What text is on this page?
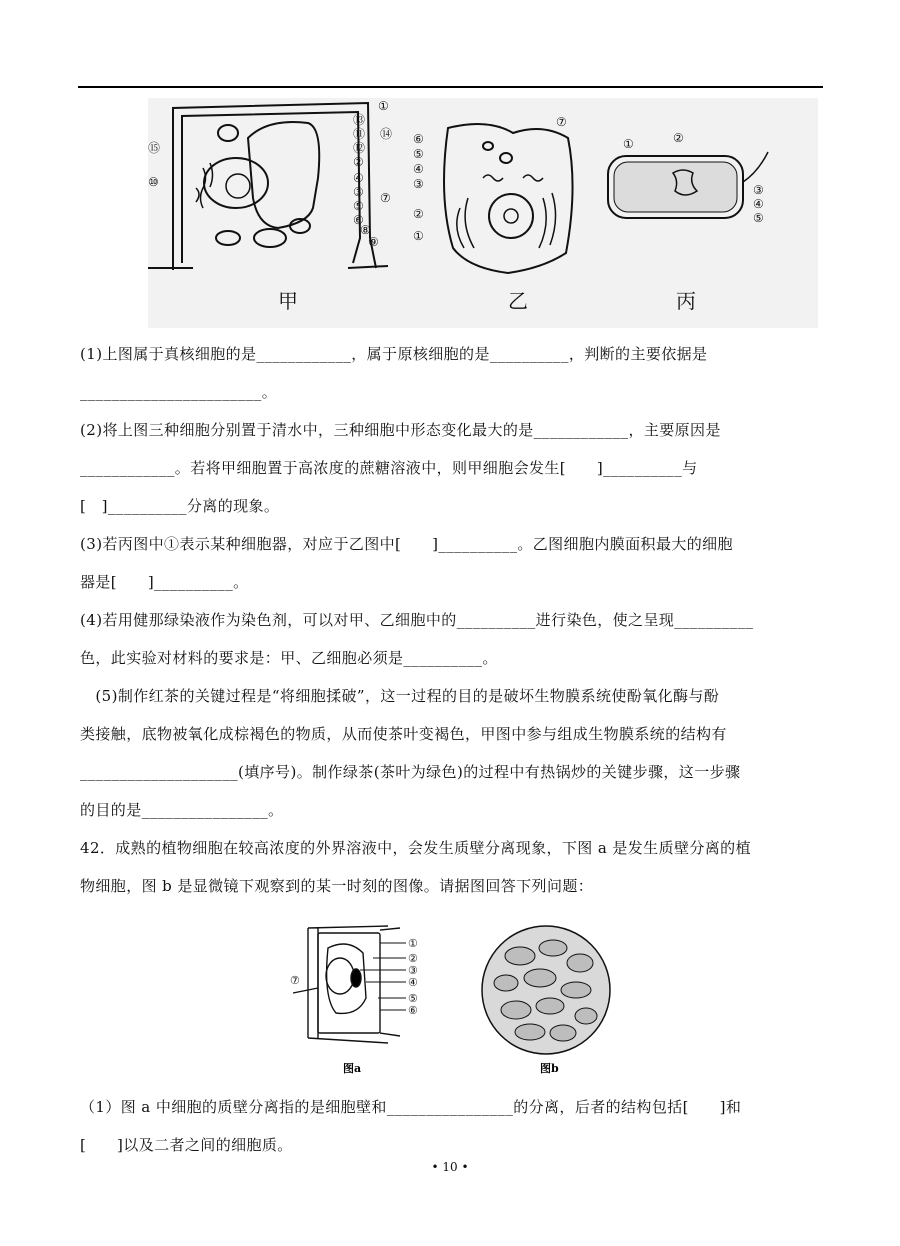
①
⑬
⑪
⑫
⑭
②
④
③ ⑦
⑤
⑥
⑧
⑨
⑮
⑩
⑦
⑥
⑤
④
③
②
①
①	②
③
④
⑤
甲	乙	丙

(1)上图属于真核细胞的是____________，属于原核细胞的是__________，判断的主要依据是

_______________________。

(2)将上图三种细胞分别置于清水中，三种细胞中形态变化最大的是____________，主要原因是

____________。若将甲细胞置于高浓度的蔗糖溶液中，则甲细胞会发生[　　]__________与

[　]__________分离的现象。

(3)若丙图中①表示某种细胞器，对应于乙图中[　　]__________。乙图细胞内膜面积最大的细胞

器是[　　]__________。

(4)若用健那绿染液作为染色剂，可以对甲、乙细胞中的__________进行染色，使之呈现__________

色，此实验对材料的要求是：甲、乙细胞必须是__________。

　(5)制作红茶的关键过程是“将细胞揉破”，这一过程的目的是破坏生物膜系统使酚氧化酶与酚

类接触，底物被氧化成棕褐色的物质，从而使茶叶变褐色，甲图中参与组成生物膜系统的结构有

____________________(填序号)。制作绿茶(茶叶为绿色)的过程中有热锅炒的关键步骤，这一步骤

的目的是________________。

42．成熟的植物细胞在较高浓度的外界溶液中，会发生质壁分离现象，下图 a 是发生质壁分离的植

物细胞，图 b 是显微镜下观察到的某一时刻的图像。请据图回答下列问题：

①
②
③
④
⑤
⑥
⑦
图a	图b

（1）图 a 中细胞的质壁分离指的是细胞壁和________________的分离，后者的结构包括[　　]和

[　　]以及二者之间的细胞质。

• 10 •
